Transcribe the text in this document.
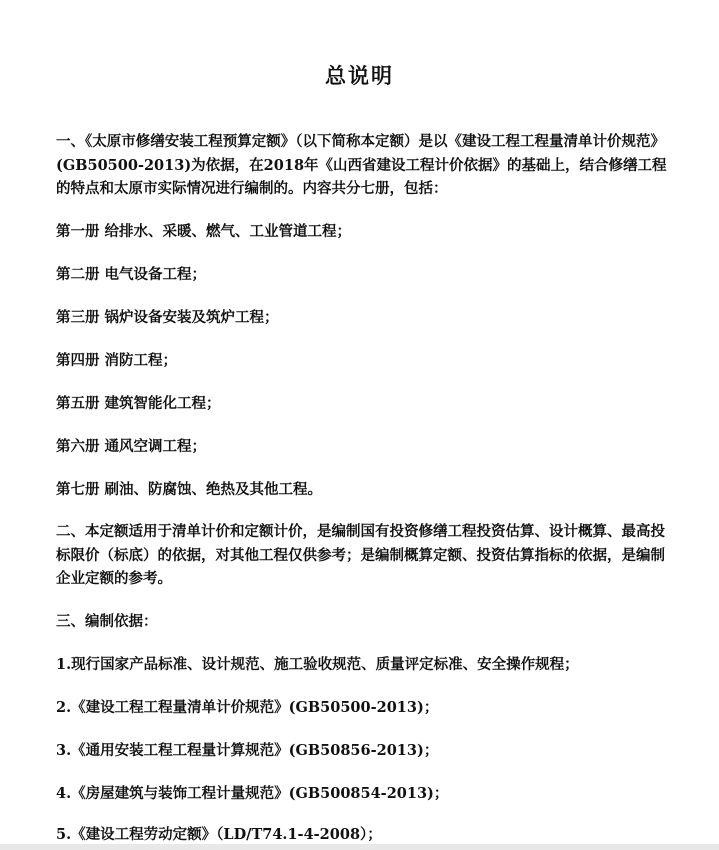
总说明
一、《太原市修缮安装工程预算定额》（以下简称本定额）是以《建设工程工程量清单计价规范》(GB50500-2013)为依据，在2018年《山西省建设工程计价依据》的基础上，结合修缮工程的特点和太原市实际情况进行编制的。内容共分七册，包括：
第一册 给排水、采暖、燃气、工业管道工程；
第二册 电气设备工程；
第三册 锅炉设备安装及筑炉工程；
第四册 消防工程；
第五册 建筑智能化工程；
第六册 通风空调工程；
第七册 刷油、防腐蚀、绝热及其他工程。
二、本定额适用于清单计价和定额计价，是编制国有投资修缮工程投资估算、设计概算、最高投标限价（标底）的依据，对其他工程仅供参考；是编制概算定额、投资估算指标的依据，是编制企业定额的参考。
三、编制依据：
1.现行国家产品标准、设计规范、施工验收规范、质量评定标准、安全操作规程；
2.《建设工程工程量清单计价规范》(GB50500-2013)；
3.《通用安装工程工程量计算规范》(GB50856-2013)；
4.《房屋建筑与装饰工程计量规范》(GB500854-2013)；
5.《建设工程劳动定额》（LD/T74.1-4-2008）；
